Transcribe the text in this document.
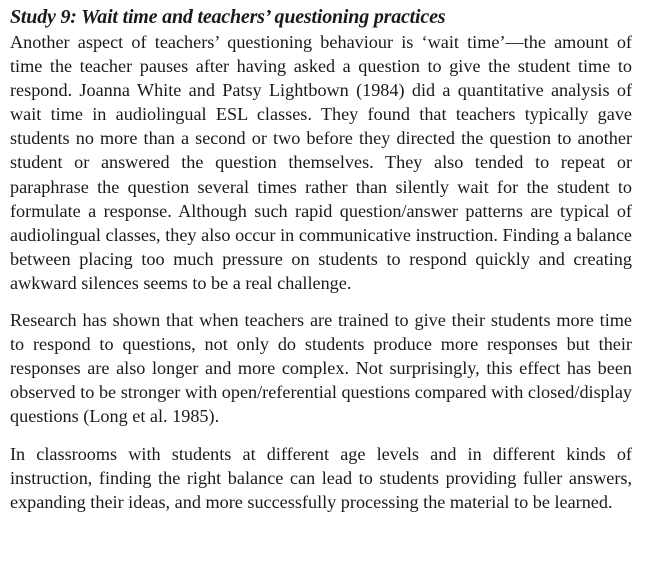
Study 9: Wait time and teachers’ questioning practices

Another aspect of teachers’ questioning behaviour is ‘wait time’—the amount of time the teacher pauses after having asked a question to give the student time to respond. Joanna White and Patsy Lightbown (1984) did a quantitative analysis of wait time in audiolingual ESL classes. They found that teachers typically gave students no more than a second or two before they directed the question to another student or answered the question themselves. They also tended to repeat or paraphrase the question several times rather than silently wait for the student to formulate a response. Although such rapid question/answer patterns are typical of audiolingual classes, they also occur in communicative instruction. Finding a balance between placing too much pressure on students to respond quickly and creating awkward silences seems to be a real challenge.

Research has shown that when teachers are trained to give their students more time to respond to questions, not only do students produce more responses but their responses are also longer and more complex. Not surprisingly, this effect has been observed to be stronger with open/referential questions compared with closed/display questions (Long et al. 1985).

In classrooms with students at different age levels and in different kinds of instruction, finding the right balance can lead to students providing fuller answers, expanding their ideas, and more successfully processing the material to be learned.
